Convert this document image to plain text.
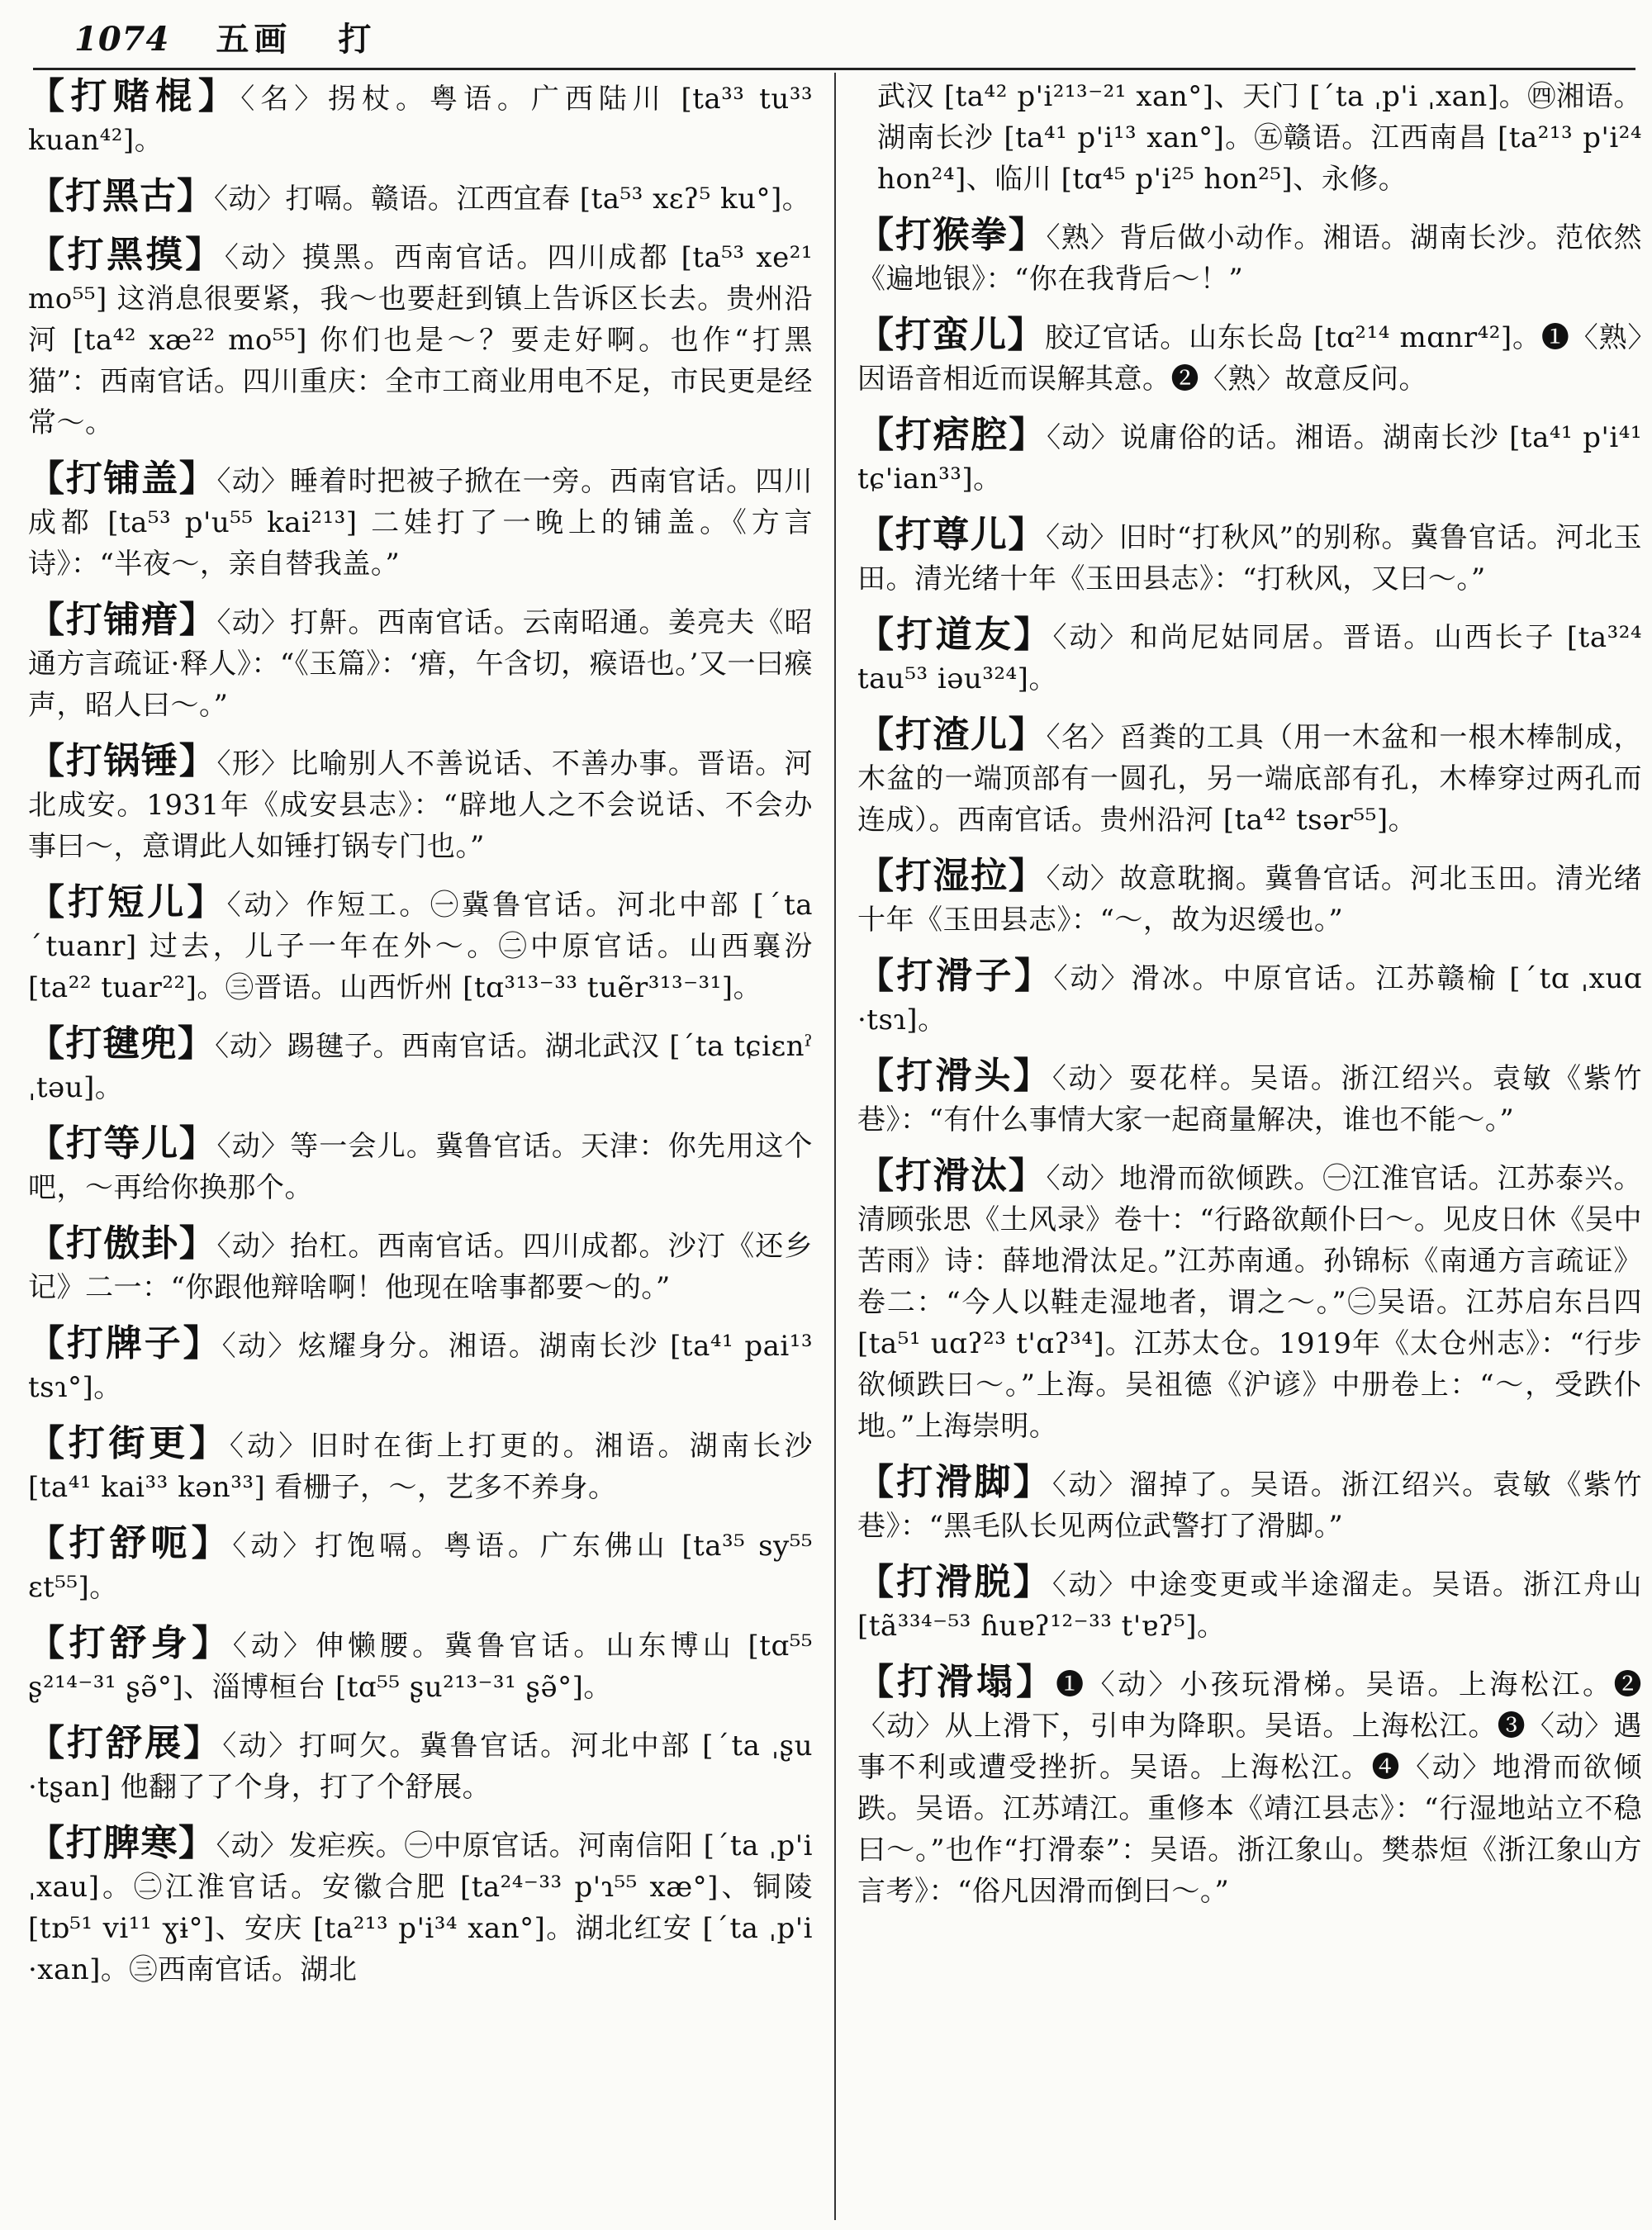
1074 五画 打
【打赌棍】〈名〉拐杖。粤语。广西陆川 [ta³³ tu³³ kuan⁴²]。
【打黑古】〈动〉打嗝。赣语。江西宜春 [ta⁵³ xɛʔ⁵ ku°]。
【打黑摸】〈动〉摸黑。西南官话。四川成都 [ta⁵³ xe²¹ mo⁵⁵] 这消息很要紧，我～也要赶到镇上告诉区长去。贵州沿河 [ta⁴² xæ²² mo⁵⁵] 你们也是～？要走好啊。也作“打黑猫”：西南官话。四川重庆：全市工商业用电不足，市民更是经常～。
【打铺盖】〈动〉睡着时把被子掀在一旁。西南官话。四川成都 [ta⁵³ p'u⁵⁵ kai²¹³] 二娃打了一晚上的铺盖。《方言诗》：“半夜～，亲自替我盖。”
【打铺瘄】〈动〉打鼾。西南官话。云南昭通。姜亮夫《昭通方言疏证·释人》：“《玉篇》：‘瘄，午含切，瘊语也。’又一曰瘊声，昭人曰～。”
【打锅锤】〈形〉比喻别人不善说话、不善办事。晋语。河北成安。1931年《成安县志》：“辟地人之不会说话、不会办事曰～，意谓此人如锤打锅专门也。”
【打短儿】〈动〉作短工。㊀冀鲁官话。河北中部 [ˊta ˊtuanr] 过去，儿子一年在外～。㊁中原官话。山西襄汾 [ta²² tuar²²]。㊂晋语。山西忻州 [tɑ³¹³⁻³³ tuẽr³¹³⁻³¹]。
【打毽兜】〈动〉踢毽子。西南官话。湖北武汉 [ˊta tɕiɛnˀ ˌtəu]。
【打等儿】〈动〉等一会儿。冀鲁官话。天津：你先用这个吧，～再给你换那个。
【打傲卦】〈动〉抬杠。西南官话。四川成都。沙汀《还乡记》二一：“你跟他辩啥啊！他现在啥事都要～的。”
【打牌子】〈动〉炫耀身分。湘语。湖南长沙 [ta⁴¹ pai¹³ tsɿ°]。
【打街更】〈动〉旧时在街上打更的。湘语。湖南长沙 [ta⁴¹ kai³³ kən³³] 看栅子，～，艺多不养身。
【打舒呃】〈动〉打饱嗝。粤语。广东佛山 [ta³⁵ sy⁵⁵ ɛt⁵⁵]。
【打舒身】〈动〉伸懒腰。冀鲁官话。山东博山 [tɑ⁵⁵ ʂ²¹⁴⁻³¹ ʂə̃°]、淄博桓台 [tɑ⁵⁵ ʂu²¹³⁻³¹ ʂə̃°]。
【打舒展】〈动〉打呵欠。冀鲁官话。河北中部 [ˊta ˌʂu ·tʂan] 他翻了了个身，打了个舒展。
【打脾寒】〈动〉发疟疾。㊀中原官话。河南信阳 [ˊta ˌp'i ˌxau]。㊁江淮官话。安徽合肥 [ta²⁴⁻³³ p'ɿ⁵⁵ xæ°]、铜陵 [tɒ⁵¹ vi¹¹ ɣɨ°]、安庆 [ta²¹³ p'i³⁴ xan°]。湖北红安 [ˊta ˌp'i ·xan]。㊂西南官话。湖北
武汉 [ta⁴² p'i²¹³⁻²¹ xan°]、天门 [ˊta ˌp'i ˌxan]。㊃湘语。湖南长沙 [ta⁴¹ p'i¹³ xan°]。㊄赣语。江西南昌 [ta²¹³ p'i²⁴ hon²⁴]、临川 [tɑ⁴⁵ p'i²⁵ hon²⁵]、永修。
【打猴拳】〈熟〉背后做小动作。湘语。湖南长沙。范依然《遍地银》：“你在我背后～！”
【打蛮儿】胶辽官话。山东长岛 [tɑ²¹⁴ mɑnr⁴²]。❶〈熟〉因语音相近而误解其意。❷〈熟〉故意反问。
【打痞腔】〈动〉说庸俗的话。湘语。湖南长沙 [ta⁴¹ p'i⁴¹ tɕ'ian³³]。
【打尊儿】〈动〉旧时“打秋风”的别称。冀鲁官话。河北玉田。清光绪十年《玉田县志》：“打秋风，又曰～。”
【打道友】〈动〉和尚尼姑同居。晋语。山西长子 [ta³²⁴ tau⁵³ iəu³²⁴]。
【打渣儿】〈名〉舀粪的工具（用一木盆和一根木棒制成，木盆的一端顶部有一圆孔，另一端底部有孔，木棒穿过两孔而连成）。西南官话。贵州沿河 [ta⁴² tsər⁵⁵]。
【打湿拉】〈动〉故意耽搁。冀鲁官话。河北玉田。清光绪十年《玉田县志》：“～，故为迟缓也。”
【打滑子】〈动〉滑冰。中原官话。江苏赣榆 [ˊtɑ ˌxuɑ ·tsɿ]。
【打滑头】〈动〉耍花样。吴语。浙江绍兴。袁敏《紫竹巷》：“有什么事情大家一起商量解决，谁也不能～。”
【打滑汰】〈动〉地滑而欲倾跌。㊀江淮官话。江苏泰兴。清顾张思《土风录》卷十：“行路欲颠仆曰～。见皮日休《吴中苦雨》诗：薛地滑汰足。”江苏南通。孙锦标《南通方言疏证》卷二：“今人以鞋走湿地者，谓之～。”㊁吴语。江苏启东吕四 [ta⁵¹ uɑʔ²³ t'ɑʔ³⁴]。江苏太仓。1919年《太仓州志》：“行步欲倾跌曰～。”上海。吴祖德《沪谚》中册卷上：“～，受跌仆地。”上海崇明。
【打滑脚】〈动〉溜掉了。吴语。浙江绍兴。袁敏《紫竹巷》：“黑毛队长见两位武警打了滑脚。”
【打滑脱】〈动〉中途变更或半途溜走。吴语。浙江舟山 [tã³³⁴⁻⁵³ ɦuɐʔ¹²⁻³³ t'ɐʔ⁵]。
【打滑塌】❶〈动〉小孩玩滑梯。吴语。上海松江。❷〈动〉从上滑下，引申为降职。吴语。上海松江。❸〈动〉遇事不利或遭受挫折。吴语。上海松江。❹〈动〉地滑而欲倾跌。吴语。江苏靖江。重修本《靖江县志》：“行湿地站立不稳曰～。”也作“打滑泰”：吴语。浙江象山。樊恭烜《浙江象山方言考》：“俗凡因滑而倒曰～。”
